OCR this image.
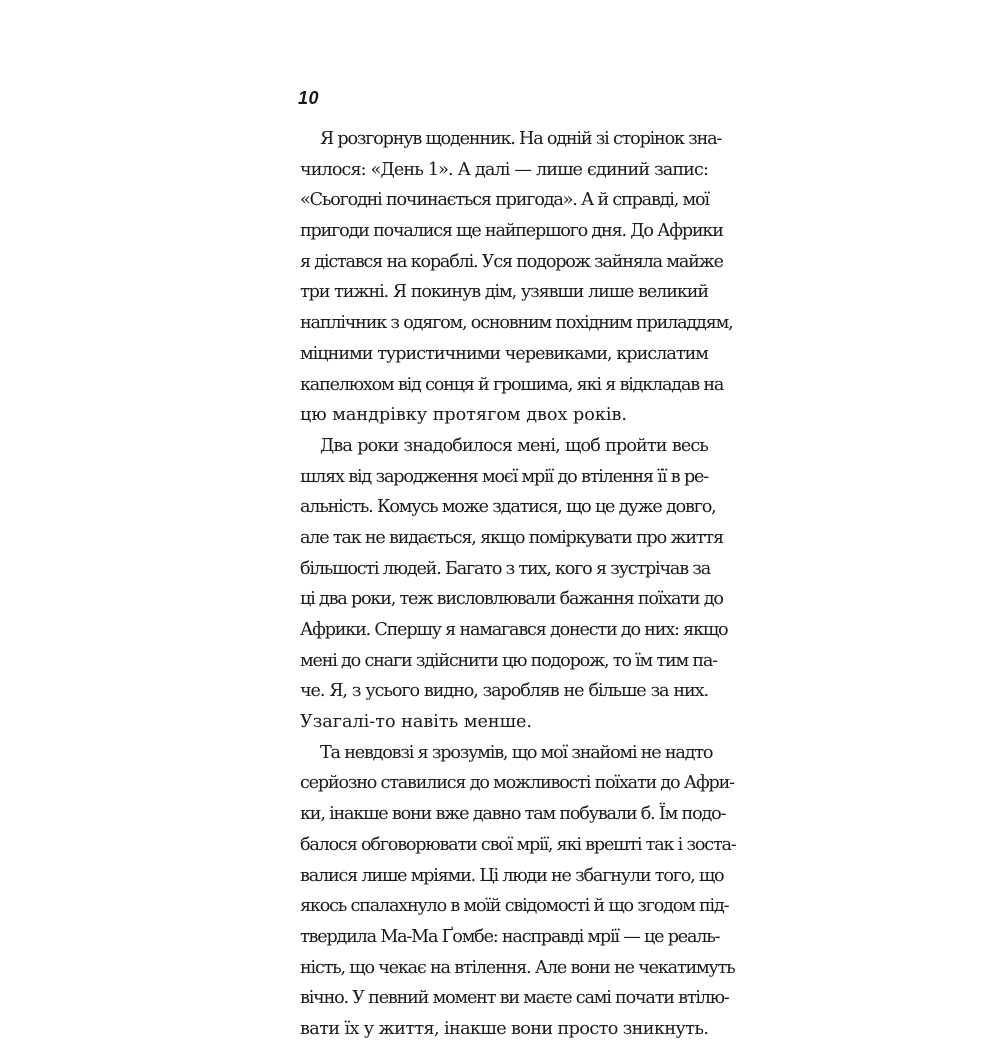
10
Я розгорнув щоденник. На одній зі сторінок зна-
чилося: «День 1». А далі — лише єдиний запис:
«Сьогодні починається пригода». А й справді, мої
пригоди почалися ще найпершого дня. До Африки
я дістався на кораблі. Уся подорож зайняла майже
три тижні. Я покинув дім, узявши лише великий
наплічник з одягом, основним похідним приладдям,
міцними туристичними черевиками, крислатим
капелюхом від сонця й грошима, які я відкладав на
цю мандрівку протягом двох років.
Два роки знадобилося мені, щоб пройти весь
шлях від зародження моєї мрії до втілення її в ре-
альність. Комусь може здатися, що це дуже довго,
але так не видається, якщо поміркувати про життя
більшості людей. Багато з тих, кого я зустрічав за
ці два роки, теж висловлювали бажання поїхати до
Африки. Спершу я намагався донести до них: якщо
мені до снаги здійснити цю подорож, то їм тим па-
че. Я, з усього видно, заробляв не більше за них.
Узагалі-то навіть менше.
Та невдовзі я зрозумів, що мої знайомі не надто
серйозно ставилися до можливості поїхати до Афри-
ки, інакше вони вже давно там побували б. Їм подо-
балося обговорювати свої мрії, які врешті так і зоста-
валися лише мріями. Ці люди не збагнули того, що
якось спалахнуло в моїй свідомості й що згодом під-
твердила Ма-Ма Ґомбе: насправді мрії — це реаль-
ність, що чекає на втілення. Але вони не чекатимуть
вічно. У певний момент ви маєте самі почати втілю-
вати їх у життя, інакше вони просто зникнуть.
